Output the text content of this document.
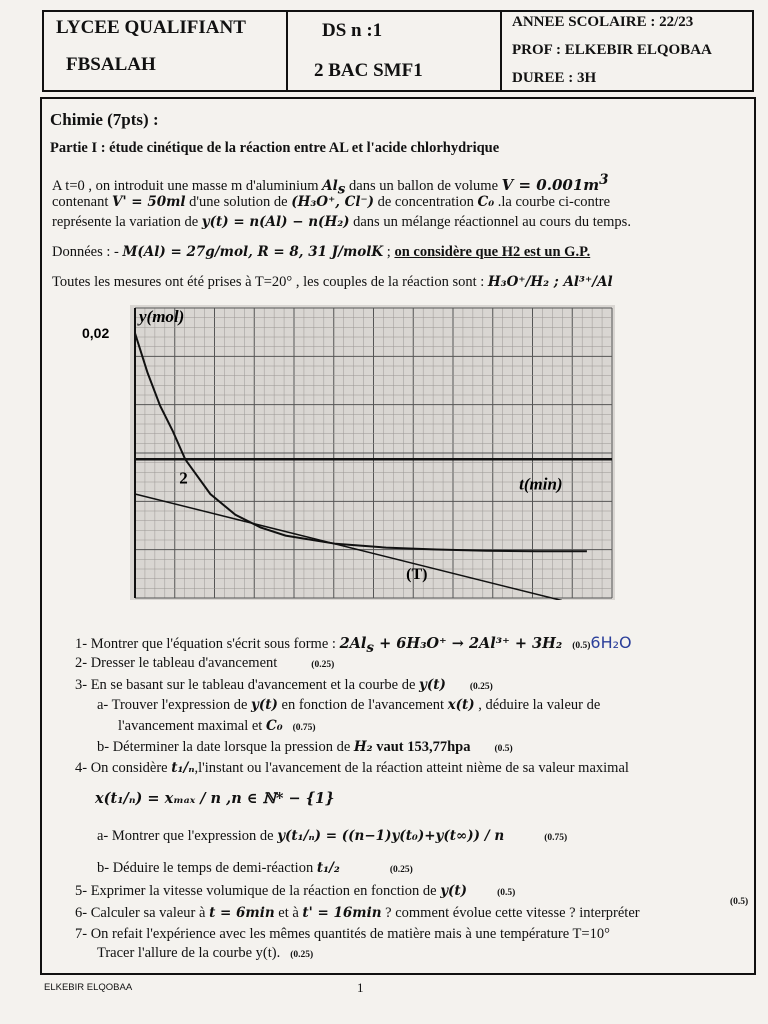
LYCEE QUALIFIANT
FBSALAH
DS n :1
2 BAC SMF1
ANNEE SCOLAIRE : 22/23
PROF : ELKEBIR ELQOBAA
DUREE : 3H
Chimie (7pts) :
Partie I : étude cinétique de la réaction entre AL et l'acide chlorhydrique
A t=0 , on introduit une masse m d'aluminium $Al_s$ dans un ballon de volume $V = 0.001m^3$
contenant V' = 50ml d'une solution de (H₃O⁺, Cl⁻) de concentration C₀ .la courbe ci-contre
représente la variation de y(t) = n(Al) − n(H₂) dans un mélange réactionnel au cours du temps.
Données : - M(Al) = 27g/mol, R = 8, 31 J/molK ; on considère que H2 est un G.P.
Toutes les mesures ont été prises à T=20° , les couples de la réaction sont : H₃O⁺/H₂ ; Al³⁺/Al
y(mol)
t(min)
0,02
2
(T)
1- Montrer que l'équation s'écrit sous forme : $2Al_s + 6H_3O^+ \to 2Al^{3+} + 3H_2$ (0.5)6H₂O
2- Dresser le tableau d'avancement	(0.25)
3- En se basant sur le tableau d'avancement et la courbe de y(t)	(0.25)
a- Trouver l'expression de y(t) en fonction de l'avancement x(t) , déduire la valeur de
l'avancement maximal et C₀ (0.75)
b- Déterminer la date lorsque la pression de H₂ vaut 153,77hpa	(0.5)
4- On considère t₁/ₙ,l'instant ou l'avancement de la réaction atteint nième de sa valeur maximal
x(t₁/ₙ) = xₘₐₓ / n ,n ∈ ℕ* − {1}
a- Montrer que l'expression de y(t₁/ₙ) = ((n−1)y(t₀)+y(t∞)) / n	(0.75)
b- Déduire le temps de demi-réaction t₁/₂	(0.25)
5- Exprimer la vitesse volumique de la réaction en fonction de y(t)	(0.5)
6- Calculer sa valeur à t = 6min et à t' = 16min ? comment évolue cette vitesse ? interpréter
(0.5)
7- On refait l'expérience avec les mêmes quantités de matière mais à une température T=10°
Tracer l'allure de la courbe y(t). (0.25)
ELKEBIR ELQOBAA	1
